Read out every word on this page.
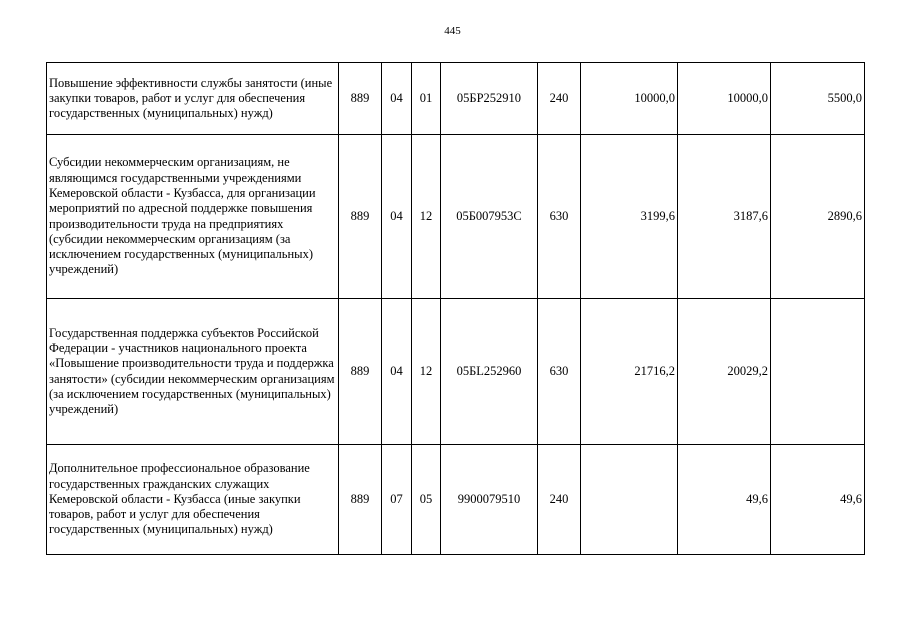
445
Повышение эффективности службы занятости (иные закупки товаров, работ и услуг для обеспечения государственных (муниципальных) нужд)	889	04	01	05БР252910	240	10000,0	10000,0	5500,0
Субсидии некоммерческим организациям, не являющимся государственными учреждениями Кемеровской области - Кузбасса, для организации мероприятий по адресной поддержке повышения производительности труда на предприятиях (субсидии некоммерческим организациям (за исключением государственных (муниципальных) учреждений)	889	04	12	05Б007953С	630	3199,6	3187,6	2890,6
Государственная поддержка субъектов Российской Федерации - участников национального проекта «Повышение производительности труда и поддержка занятости» (субсидии некоммерческим организациям (за исключением государственных (муниципальных) учреждений)	889	04	12	05БL252960	630	21716,2	20029,2	
Дополнительное профессиональное образование государственных гражданских служащих Кемеровской области - Кузбасса (иные закупки товаров, работ и услуг для обеспечения государственных (муниципальных) нужд)	889	07	05	9900079510	240		49,6	49,6
